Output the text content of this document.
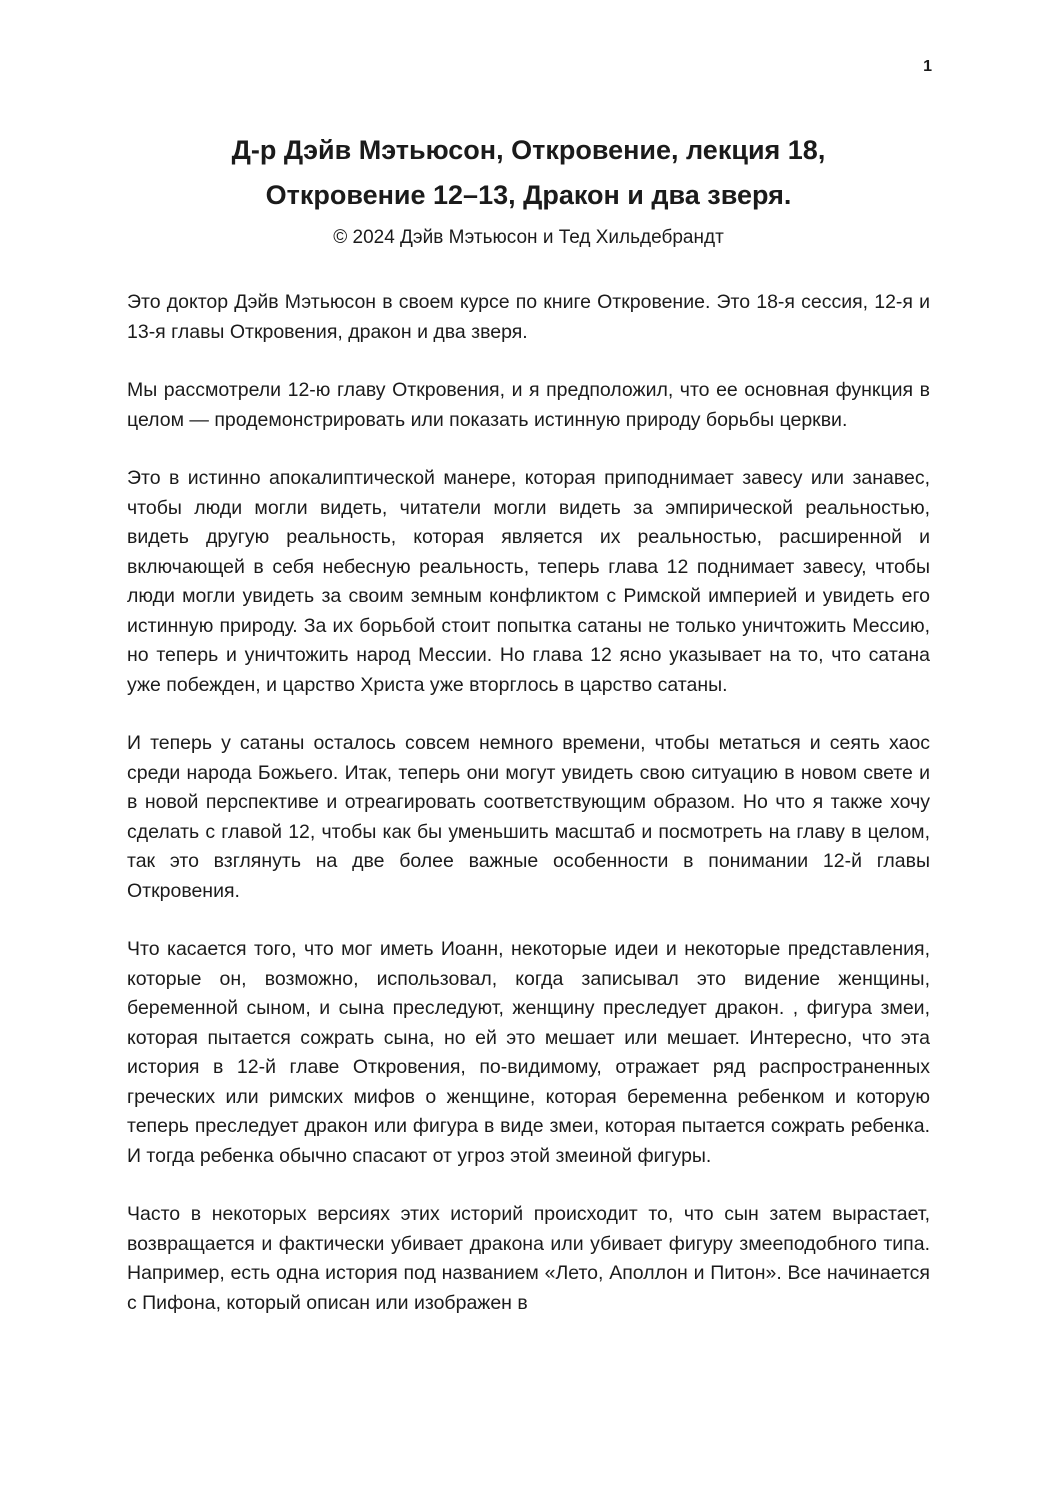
1
Д-р Дэйв Мэтьюсон, Откровение, лекция 18,
Откровение 12–13, Дракон и два зверя.
© 2024 Дэйв Мэтьюсон и Тед Хильдебрандт

Это доктор Дэйв Мэтьюсон в своем курсе по книге Откровение. Это 18-я сессия, 12-я и 13-я главы Откровения, дракон и два зверя.

Мы рассмотрели 12-ю главу Откровения, и я предположил, что ее основная функция в целом — продемонстрировать или показать истинную природу борьбы церкви.

Это в истинно апокалиптической манере, которая приподнимает завесу или занавес, чтобы люди могли видеть, читатели могли видеть за эмпирической реальностью, видеть другую реальность, которая является их реальностью, расширенной и включающей в себя небесную реальность, теперь глава 12 поднимает завесу, чтобы люди могли увидеть за своим земным конфликтом с Римской империей и увидеть его истинную природу. За их борьбой стоит попытка сатаны не только уничтожить Мессию, но теперь и уничтожить народ Мессии. Но глава 12 ясно указывает на то, что сатана уже побежден, и царство Христа уже вторглось в царство сатаны.

И теперь у сатаны осталось совсем немного времени, чтобы метаться и сеять хаос среди народа Божьего. Итак, теперь они могут увидеть свою ситуацию в новом свете и в новой перспективе и отреагировать соответствующим образом. Но что я также хочу сделать с главой 12, чтобы как бы уменьшить масштаб и посмотреть на главу в целом, так это взглянуть на две более важные особенности в понимании 12-й главы Откровения.

Что касается того, что мог иметь Иоанн, некоторые идеи и некоторые представления, которые он, возможно, использовал, когда записывал это видение женщины, беременной сыном, и сына преследуют, женщину преследует дракон. , фигура змеи, которая пытается сожрать сына, но ей это мешает или мешает. Интересно, что эта история в 12-й главе Откровения, по-видимому, отражает ряд распространенных греческих или римских мифов о женщине, которая беременна ребенком и которую теперь преследует дракон или фигура в виде змеи, которая пытается сожрать ребенка. И тогда ребенка обычно спасают от угроз этой змеиной фигуры.

Часто в некоторых версиях этих историй происходит то, что сын затем вырастает, возвращается и фактически убивает дракона или убивает фигуру змееподобного типа. Например, есть одна история под названием «Лето, Аполлон и Питон». Все начинается с Пифона, который описан или изображен в
